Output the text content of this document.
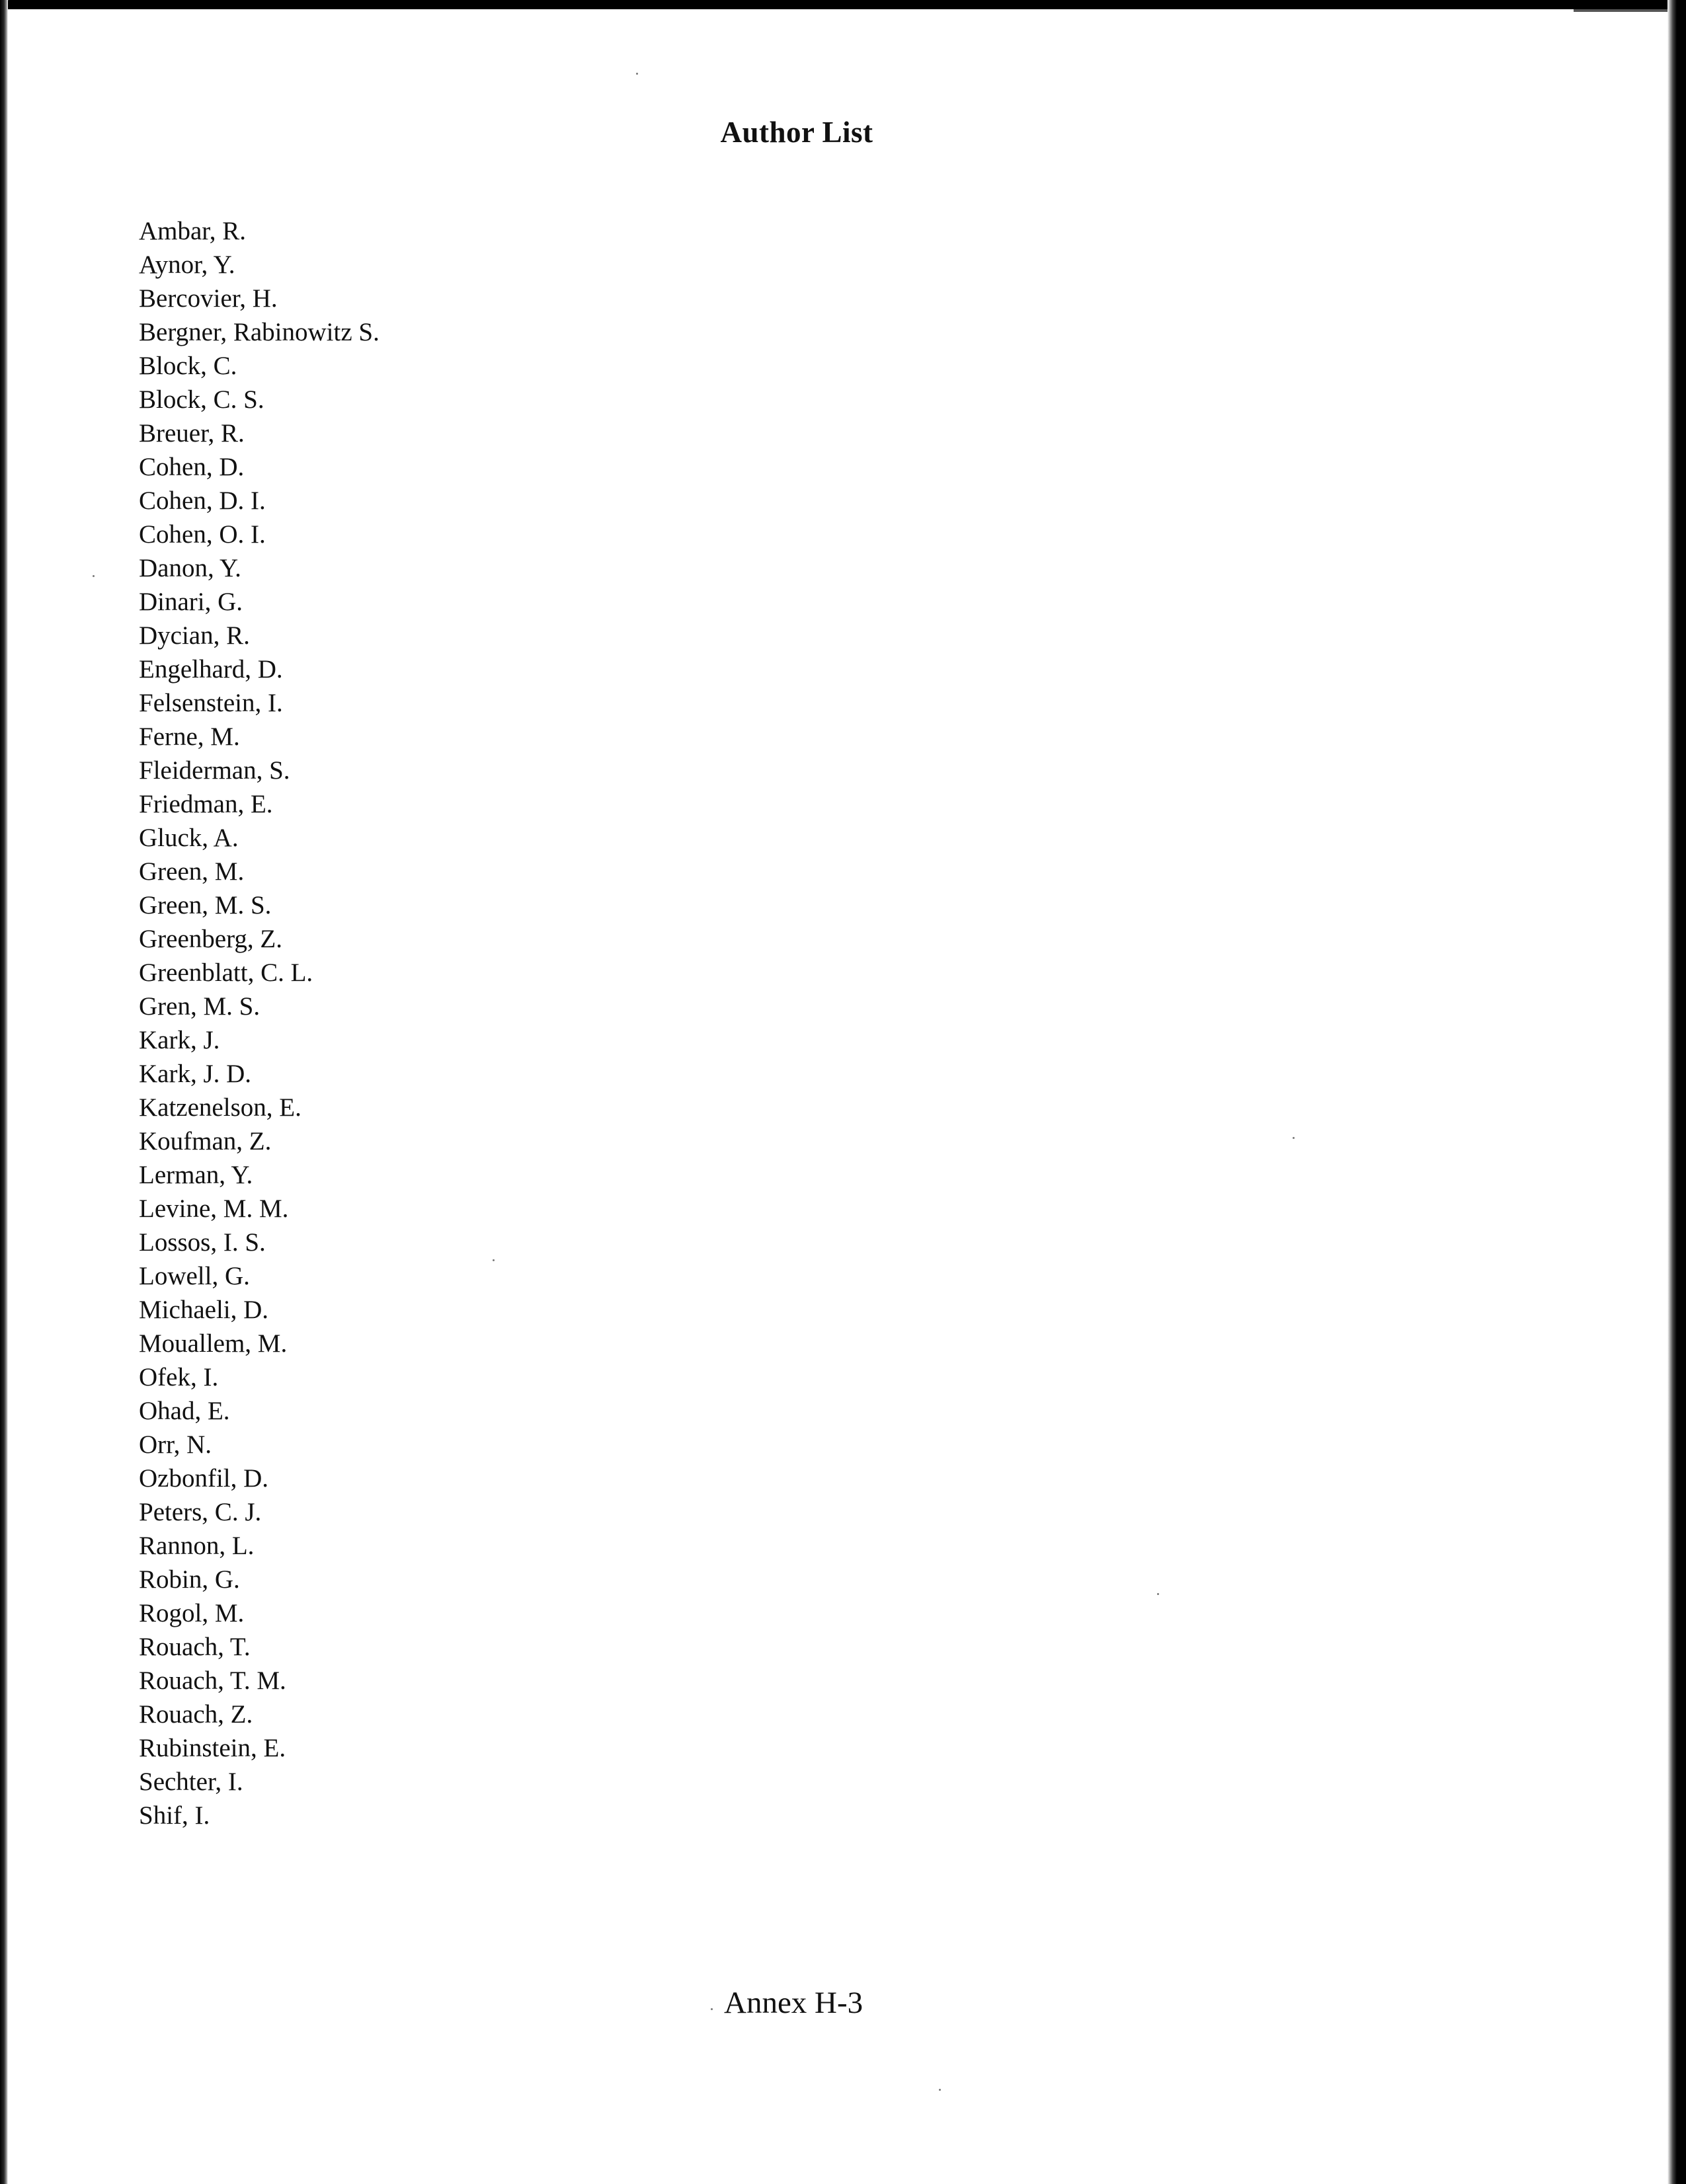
Author List
Ambar, R.
Aynor, Y.
Bercovier, H.
Bergner, Rabinowitz S.
Block, C.
Block, C. S.
Breuer, R.
Cohen, D.
Cohen, D. I.
Cohen, O. I.
Danon, Y.
Dinari, G.
Dycian, R.
Engelhard, D.
Felsenstein, I.
Ferne, M.
Fleiderman, S.
Friedman, E.
Gluck, A.
Green, M.
Green, M. S.
Greenberg, Z.
Greenblatt, C. L.
Gren, M. S.
Kark, J.
Kark, J. D.
Katzenelson, E.
Koufman, Z.
Lerman, Y.
Levine, M. M.
Lossos, I. S.
Lowell, G.
Michaeli, D.
Mouallem, M.
Ofek, I.
Ohad, E.
Orr, N.
Ozbonfil, D.
Peters, C. J.
Rannon, L.
Robin, G.
Rogol, M.
Rouach, T.
Rouach, T. M.
Rouach, Z.
Rubinstein, E.
Sechter, I.
Shif, I.
Annex H-3
